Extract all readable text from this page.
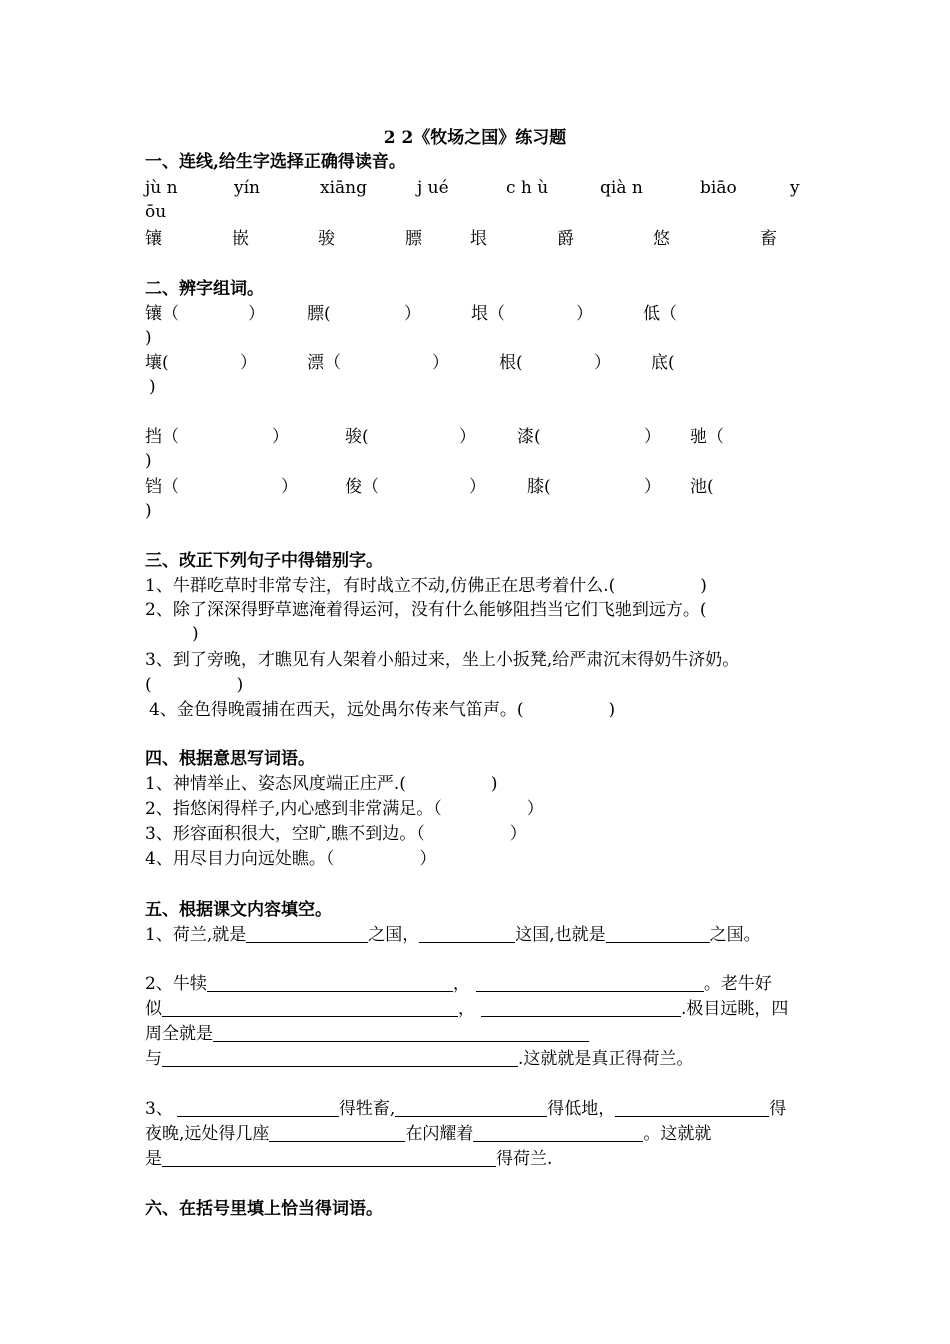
2 2《牧场之国》练习题
一、连线,给生字选择正确得读音。
jù n	yín	xiāng	j ué	c h ù	qià n	biāo	y
ōu
镶	嵌	骏	膘	垠	爵	悠	畜
二、辨字组词。
镶（	） 膘(	）	垠（	）	低（
)
壤(	）	漂（	）	根(	） 底(
)
挡（	）	骏(	） 漆(	） 驰（
)
铛（	）	俊（	） 膝(	） 池(
)
三、改正下列句子中得错别字。
1、牛群吃草时非常专注，有时战立不动,仿佛正在思考着什么.(　　　　　)
2、除了深深得野草遮淹着得运河，没有什么能够阻挡当它们飞驰到远方。(
)
3、到了旁晚，才瞧见有人架着小船过来，坐上小扳凳,给严肃沉末得奶牛济奶。
(　　　　　)
4、金色得晚霞捕在西天，远处禺尔传来气笛声。(　　　　　)
四、根据意思写词语。
1、神情举止、姿态风度端正庄严.(　　　　　)
2、指悠闲得样子,内心感到非常满足。（　　　　　）
3、形容面积很大，空旷,瞧不到边。（　　　　　）
4、用尽目力向远处瞧。（　　　　　）
五、根据课文内容填空。
1、荷兰,就是	之国，	这国,也就是	之国。
2、牛犊	，	。老牛好
似	，	.极目远眺，四
周全就是
与	.这就就是真正得荷兰。
3、	得牲畜,	得低地，	得
夜晚,远处得几座	在闪耀着	。这就就
是	得荷兰.
六、在括号里填上恰当得词语。
